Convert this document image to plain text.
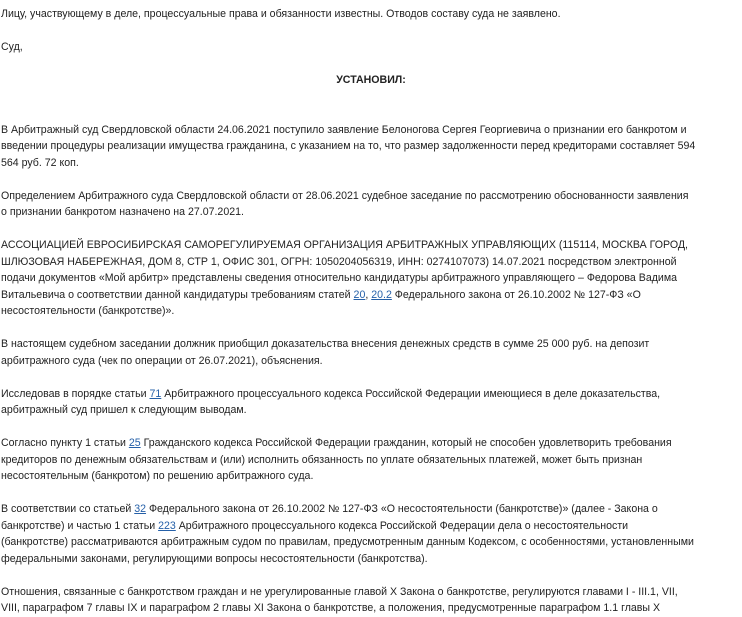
Лицу, участвующему в деле, процессуальные права и обязанности известны. Отводов составу суда не заявлено.

Суд,

УСТАНОВИЛ:

В Арбитражный суд Свердловской области 24.06.2021 поступило заявление Белоногова Сергея Георгиевича о признании его банкротом и
введении процедуры реализации имущества гражданина, с указанием на то, что размер задолженности перед кредиторами составляет 594
564 руб. 72 коп.

Определением Арбитражного суда Свердловской области от 28.06.2021 судебное заседание по рассмотрению обоснованности заявления
о признании банкротом назначено на 27.07.2021.

АССОЦИАЦИЕЙ ЕВРОСИБИРСКАЯ САМОРЕГУЛИРУЕМАЯ ОРГАНИЗАЦИЯ АРБИТРАЖНЫХ УПРАВЛЯЮЩИХ (115114, МОСКВА ГОРОД,
ШЛЮЗОВАЯ НАБЕРЕЖНАЯ, ДОМ 8, СТР 1, ОФИС 301, ОГРН: 1050204056319, ИНН: 0274107073) 14.07.2021 посредством электронной
подачи документов «Мой арбитр» представлены сведения относительно кандидатуры арбитражного управляющего – Федорова Вадима
Витальевича о соответствии данной кандидатуры требованиям статей 20, 20.2 Федерального закона от 26.10.2002 № 127-ФЗ «О
несостоятельности (банкротстве)».

В настоящем судебном заседании должник приобщил доказательства внесения денежных средств в сумме 25 000 руб. на депозит
арбитражного суда (чек по операции от 26.07.2021), объяснения.

Исследовав в порядке статьи 71 Арбитражного процессуального кодекса Российской Федерации имеющиеся в деле доказательства,
арбитражный суд пришел к следующим выводам.

Согласно пункту 1 статьи 25 Гражданского кодекса Российской Федерации гражданин, который не способен удовлетворить требования
кредиторов по денежным обязательствам и (или) исполнить обязанность по уплате обязательных платежей, может быть признан
несостоятельным (банкротом) по решению арбитражного суда.

В соответствии со статьей 32 Федерального закона от 26.10.2002 № 127-ФЗ «О несостоятельности (банкротстве)» (далее - Закона о
банкротстве) и частью 1 статьи 223 Арбитражного процессуального кодекса Российской Федерации дела о несостоятельности
(банкротстве) рассматриваются арбитражным судом по правилам, предусмотренным данным Кодексом, с особенностями, установленными
федеральными законами, регулирующими вопросы несостоятельности (банкротства).

Отношения, связанные с банкротством граждан и не урегулированные главой Х Закона о банкротстве, регулируются главами I - III.1, VII,
VIII, параграфом 7 главы IX и параграфом 2 главы XI Закона о банкротстве, а положения, предусмотренные параграфом 1.1 главы Х
